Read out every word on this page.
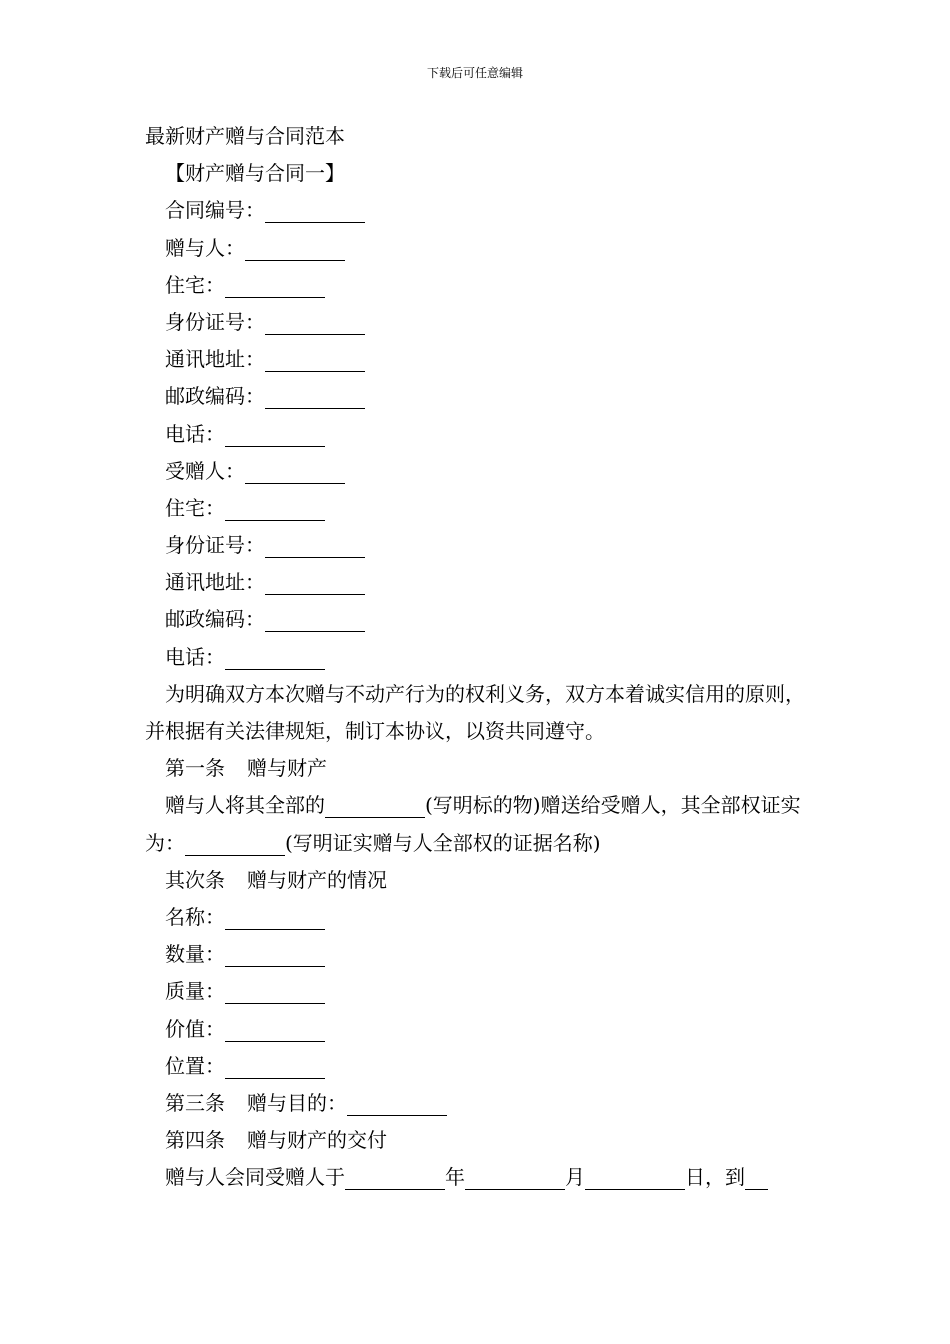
下载后可任意编辑
最新财产赠与合同范本
【财产赠与合同一】
合同编号：
赠与人：
住宅：
身份证号：
通讯地址：
邮政编码：
电话：
受赠人：
住宅：
身份证号：
通讯地址：
邮政编码：
电话：
为明确双方本次赠与不动产行为的权利义务，双方本着诚实信用的原则，并根据有关法律规矩，制订本协议，以资共同遵守。
第一条 赠与财产
赠与人将其全部的	(写明标的物)赠送给受赠人，其全部权证实为：	(写明证实赠与人全部权的证据名称)
其次条 赠与财产的情况
名称：
数量：
质量：
价值：
位置：
第三条 赠与目的：
第四条 赠与财产的交付
赠与人会同受赠人于	年	月	日，到
